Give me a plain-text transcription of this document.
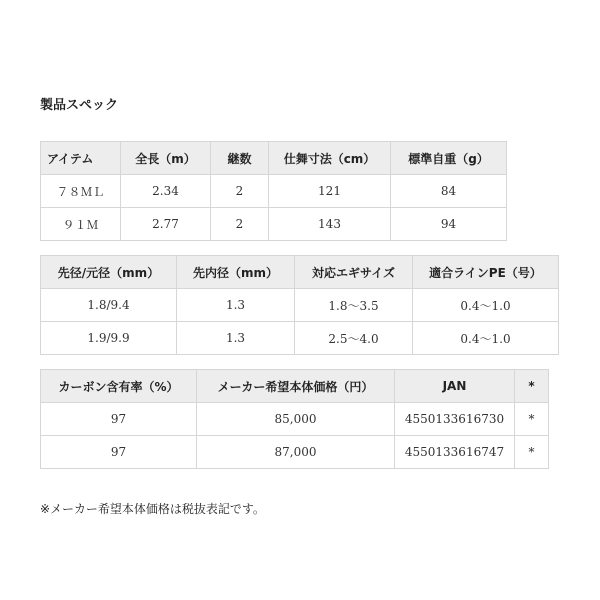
製品スペック
アイテム	全長（m）	継数	仕舞寸法（cm）	標準自重（g）
７８ＭＬ	2.34	2	121	84
９１Ｍ	2.77	2	143	94
先径/元径（mm）	先内径（mm）	対応エギサイズ	適合ラインPE（号）
1.8/9.4	1.3	1.8～3.5	0.4～1.0
1.9/9.9	1.3	2.5～4.0	0.4～1.0
カーボン含有率（%）	メーカー希望本体価格（円）	JAN	*
97	85,000	4550133616730	*
97	87,000	4550133616747	*
※メーカー希望本体価格は税抜表記です。
